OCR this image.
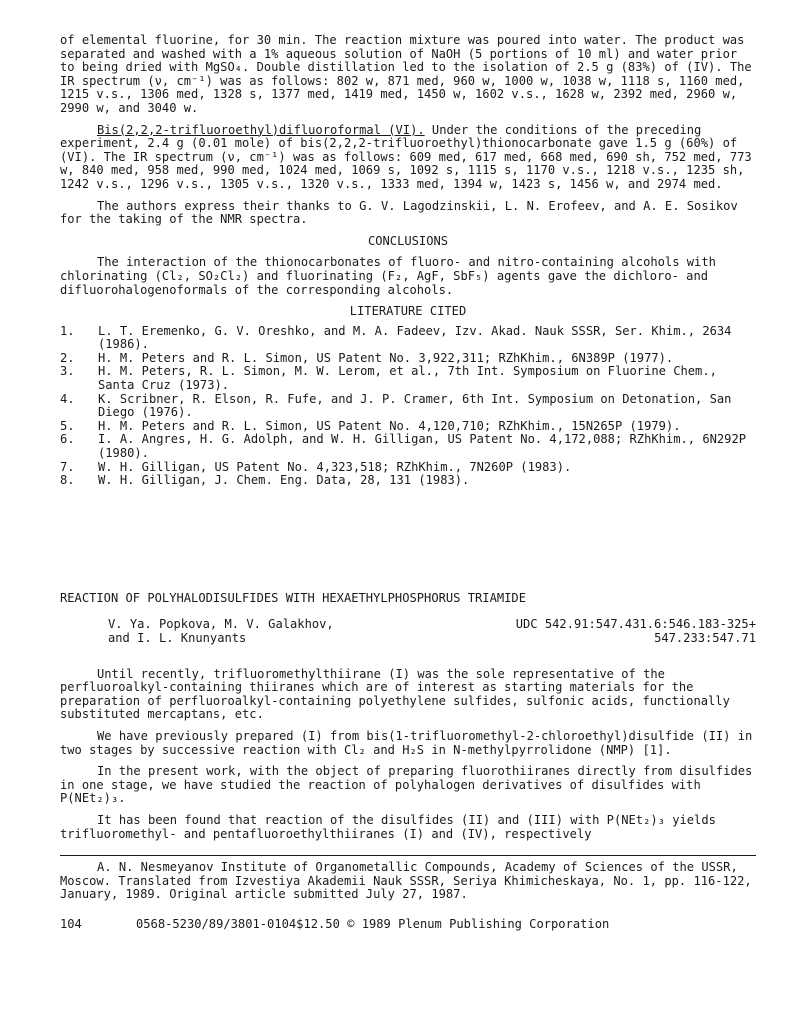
of elemental fluorine, for 30 min. The reaction mixture was poured into water. The product was separated and washed with a 1% aqueous solution of NaOH (5 portions of 10 ml) and water prior to being dried with MgSO₄. Double distillation led to the isolation of 2.5 g (83%) of (IV). The IR spectrum (ν, cm⁻¹) was as follows: 802 w, 871 med, 960 w, 1000 w, 1038 w, 1118 s, 1160 med, 1215 v.s., 1306 med, 1328 s, 1377 med, 1419 med, 1450 w, 1602 v.s., 1628 w, 2392 med, 2960 w, 2990 w, and 3040 w.

Bis(2,2,2-trifluoroethyl)difluoroformal (VI). Under the conditions of the preceding experiment, 2.4 g (0.01 mole) of bis(2,2,2-trifluoroethyl)thionocarbonate gave 1.5 g (60%) of (VI). The IR spectrum (ν, cm⁻¹) was as follows: 609 med, 617 med, 668 med, 690 sh, 752 med, 773 w, 840 med, 958 med, 990 med, 1024 med, 1069 s, 1092 s, 1115 s, 1170 v.s., 1218 v.s., 1235 sh, 1242 v.s., 1296 v.s., 1305 v.s., 1320 v.s., 1333 med, 1394 w, 1423 s, 1456 w, and 2974 med.

The authors express their thanks to G. V. Lagodzinskii, L. N. Erofeev, and A. E. Sosikov for the taking of the NMR spectra.

CONCLUSIONS

The interaction of the thionocarbonates of fluoro- and nitro-containing alcohols with chlorinating (Cl₂, SO₂Cl₂) and fluorinating (F₂, AgF, SbF₅) agents gave the dichloro- and difluorohalogenoformals of the corresponding alcohols.

LITERATURE CITED

1.	L. T. Eremenko, G. V. Oreshko, and M. A. Fadeev, Izv. Akad. Nauk SSSR, Ser. Khim., 2634 (1986).
2.	H. M. Peters and R. L. Simon, US Patent No. 3,922,311; RZhKhim., 6N389P (1977).
3.	H. M. Peters, R. L. Simon, M. W. Lerom, et al., 7th Int. Symposium on Fluorine Chem., Santa Cruz (1973).
4.	K. Scribner, R. Elson, R. Fufe, and J. P. Cramer, 6th Int. Symposium on Detonation, San Diego (1976).
5.	H. M. Peters and R. L. Simon, US Patent No. 4,120,710; RZhKhim., 15N265P (1979).
6.	I. A. Angres, H. G. Adolph, and W. H. Gilligan, US Patent No. 4,172,088; RZhKhim., 6N292P (1980).
7.	W. H. Gilligan, US Patent No. 4,323,518; RZhKhim., 7N260P (1983).
8.	W. H. Gilligan, J. Chem. Eng. Data, 28, 131 (1983).

REACTION OF POLYHALODISULFIDES WITH HEXAETHYLPHOSPHORUS TRIAMIDE

V. Ya. Popkova, M. V. Galakhov,
and I. L. Knunyants
UDC 542.91:547.431.6:546.183-325+
547.233:547.71

Until recently, trifluoromethylthiirane (I) was the sole representative of the perfluoroalkyl-containing thiiranes which are of interest as starting materials for the preparation of perfluoroalkyl-containing polyethylene sulfides, sulfonic acids, functionally substituted mercaptans, etc.

We have previously prepared (I) from bis(1-trifluoromethyl-2-chloroethyl)disulfide (II) in two stages by successive reaction with Cl₂ and H₂S in N-methylpyrrolidone (NMP) [1].

In the present work, with the object of preparing fluorothiiranes directly from disulfides in one stage, we have studied the reaction of polyhalogen derivatives of disulfides with P(NEt₂)₃.

It has been found that reaction of the disulfides (II) and (III) with P(NEt₂)₃ yields trifluoromethyl- and pentafluoroethylthiiranes (I) and (IV), respectively

A. N. Nesmeyanov Institute of Organometallic Compounds, Academy of Sciences of the USSR, Moscow. Translated from Izvestiya Akademii Nauk SSSR, Seriya Khimicheskaya, No. 1, pp. 116-122, January, 1989. Original article submitted July 27, 1987.

104	0568-5230/89/3801-0104$12.50 © 1989 Plenum Publishing Corporation
